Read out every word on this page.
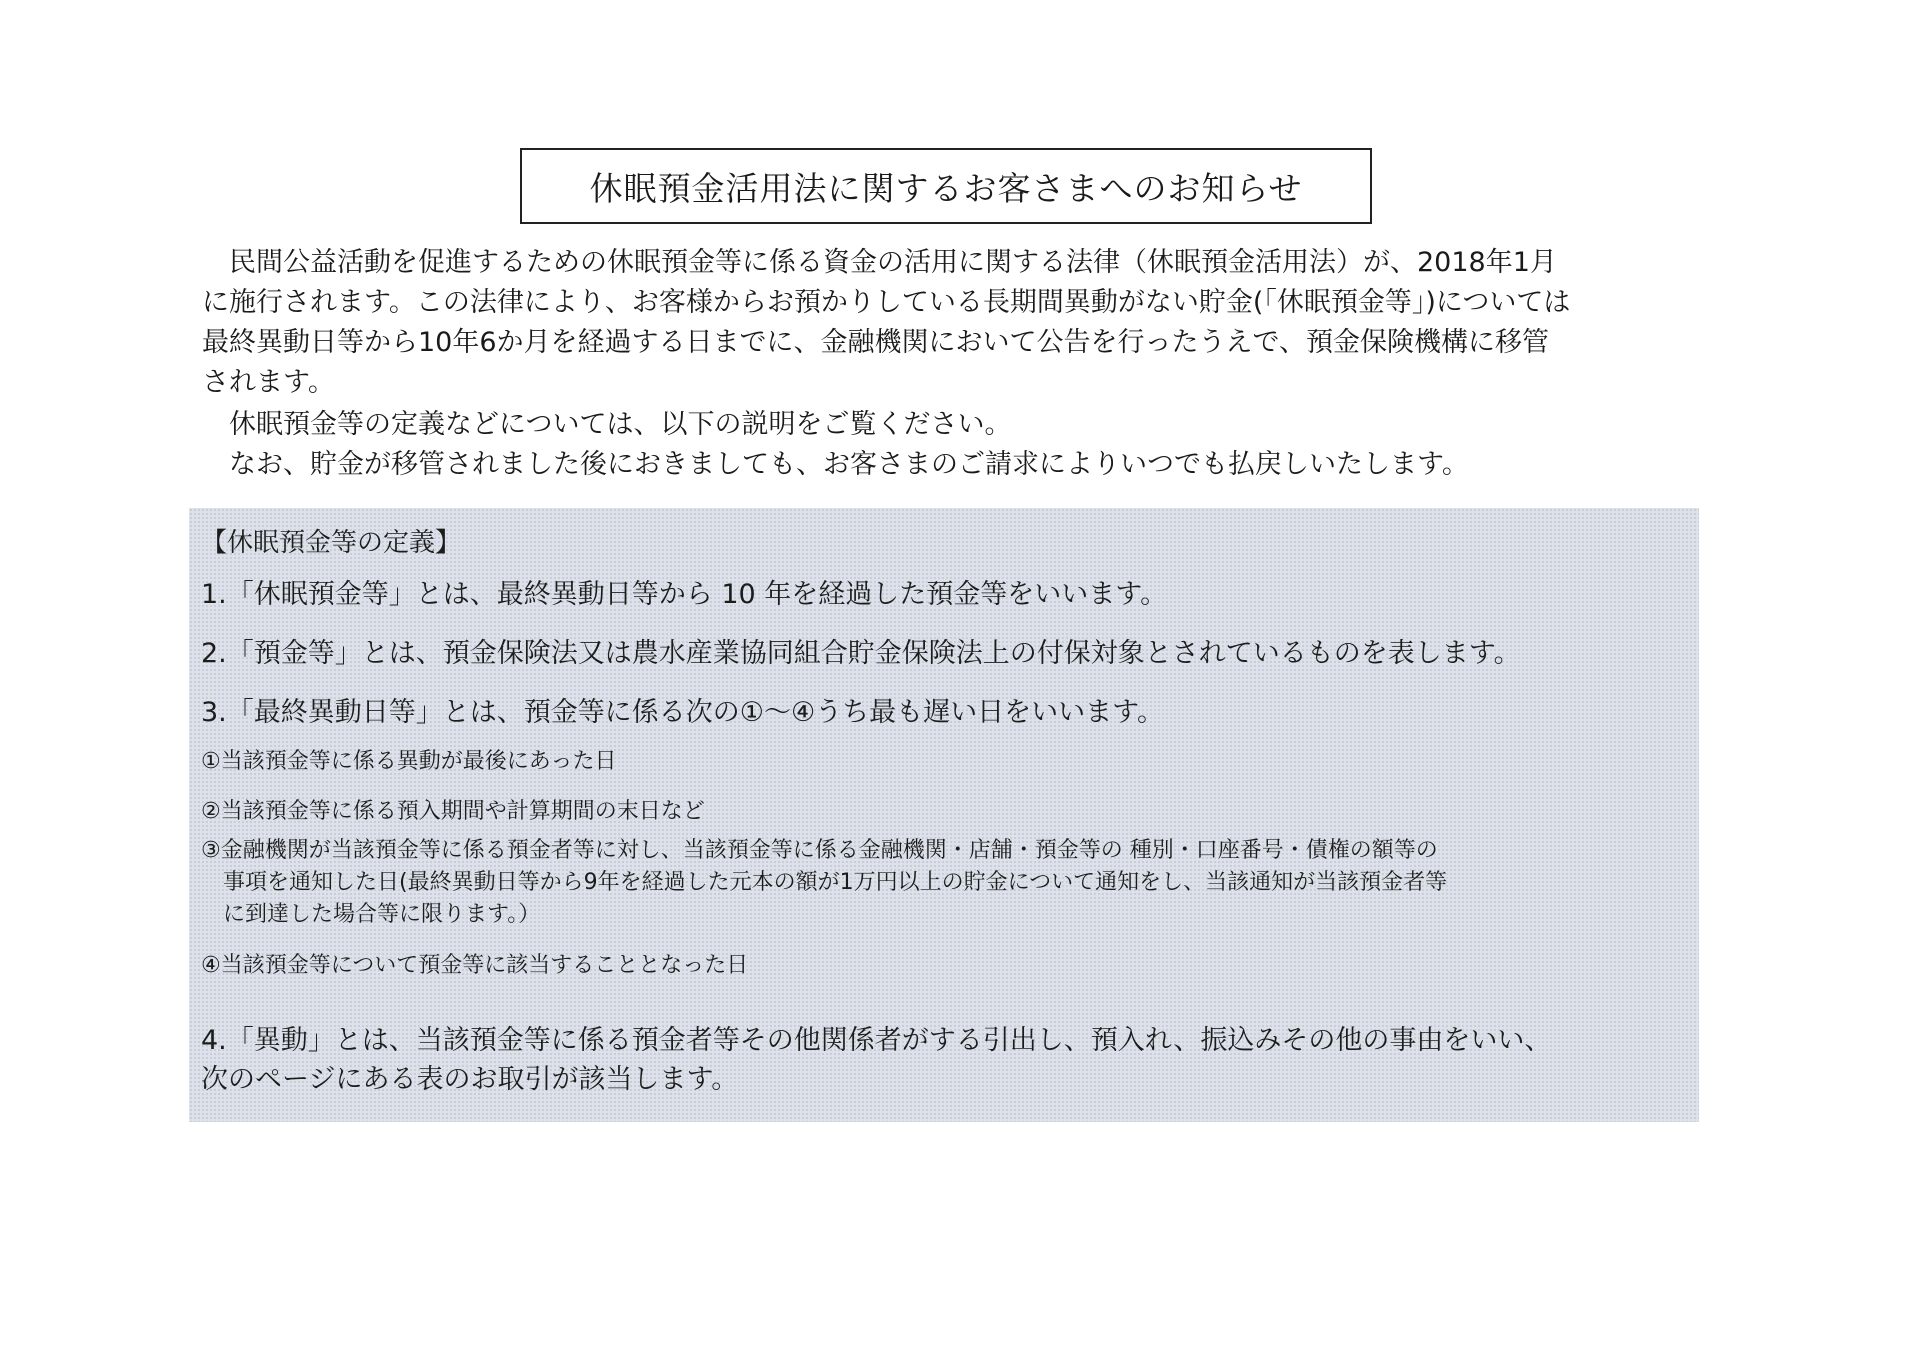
休眠預金活用法に関するお客さまへのお知らせ
　民間公益活動を促進するための休眠預金等に係る資金の活用に関する法律（休眠預金活用法）が、2018年1月
に施行されます。この法律により、お客様からお預かりしている長期間異動がない貯金(「休眠預金等」)については
最終異動日等から10年6か月を経過する日までに、金融機関において公告を行ったうえで、預金保険機構に移管
されます。
　休眠預金等の定義などについては、以下の説明をご覧ください。
　なお、貯金が移管されました後におきましても、お客さまのご請求によりいつでも払戻しいたします。
【休眠預金等の定義】
1.「休眠預金等」とは、最終異動日等から 10 年を経過した預金等をいいます。
2.「預金等」とは、預金保険法又は農水産業協同組合貯金保険法上の付保対象とされているものを表します。
3.「最終異動日等」とは、預金等に係る次の①～④うち最も遅い日をいいます。
①当該預金等に係る異動が最後にあった日
②当該預金等に係る預入期間や計算期間の末日など
③金融機関が当該預金等に係る預金者等に対し、当該預金等に係る金融機関・店舗・預金等の 種別・口座番号・債権の額等の
　事項を通知した日(最終異動日等から9年を経過した元本の額が1万円以上の貯金について通知をし、当該通知が当該預金者等
　に到達した場合等に限ります。）
④当該預金等について預金等に該当することとなった日
4.「異動」とは、当該預金等に係る預金者等その他関係者がする引出し、預入れ、振込みその他の事由をいい、
次のページにある表のお取引が該当します。
